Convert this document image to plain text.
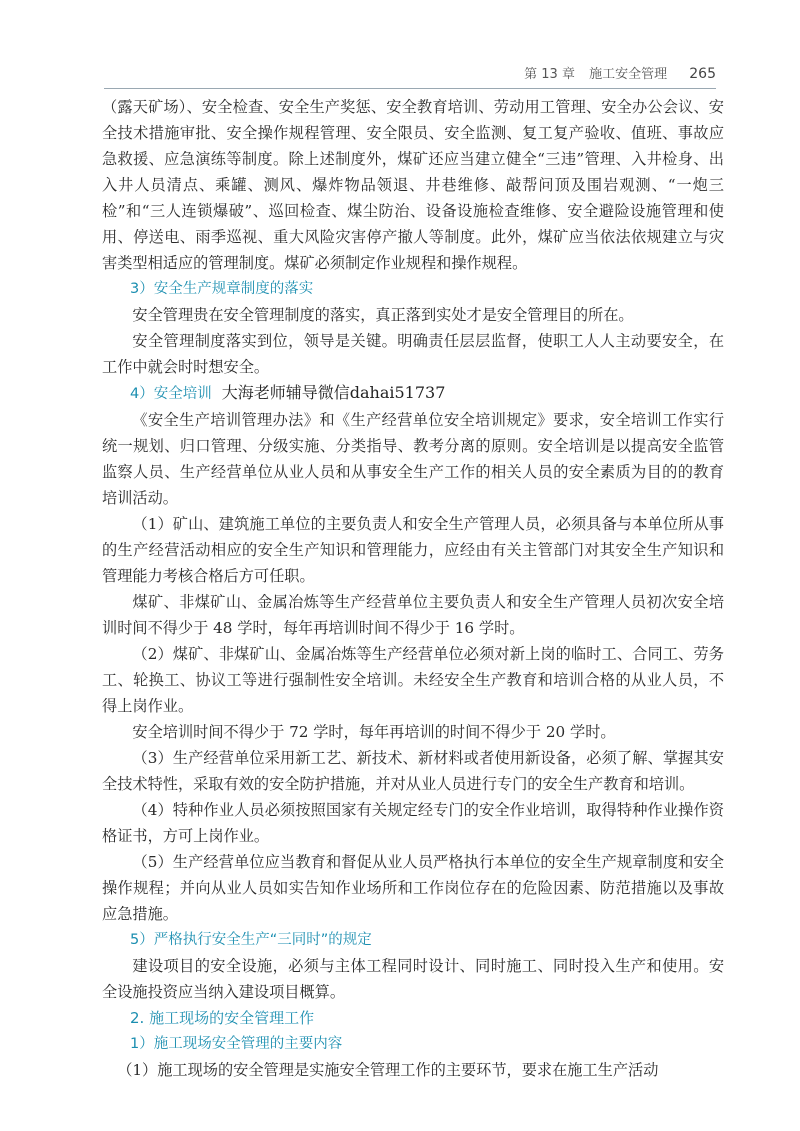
第 13 章 施工安全管理 265

（露天矿场）、安全检查、安全生产奖惩、安全教育培训、劳动用工管理、安全办公会议、安全技术措施审批、安全操作规程管理、安全限员、安全监测、复工复产验收、值班、事故应急救援、应急演练等制度。除上述制度外，煤矿还应当建立健全“三违”管理、入井检身、出入井人员清点、乘罐、测风、爆炸物品领退、井巷维修、敲帮问顶及围岩观测、“一炮三检”和“三人连锁爆破”、巡回检查、煤尘防治、设备设施检查维修、安全避险设施管理和使用、停送电、雨季巡视、重大风险灾害停产撤人等制度。此外，煤矿应当依法依规建立与灾害类型相适应的管理制度。煤矿必须制定作业规程和操作规程。

3）安全生产规章制度的落实

安全管理贵在安全管理制度的落实，真正落到实处才是安全管理目的所在。

安全管理制度落实到位，领导是关键。明确责任层层监督，使职工人人主动要安全，在工作中就会时时想安全。

4）安全培训 大海老师辅导微信dahai51737

《安全生产培训管理办法》和《生产经营单位安全培训规定》要求，安全培训工作实行统一规划、归口管理、分级实施、分类指导、教考分离的原则。安全培训是以提高安全监管监察人员、生产经营单位从业人员和从事安全生产工作的相关人员的安全素质为目的的教育培训活动。

（1）矿山、建筑施工单位的主要负责人和安全生产管理人员，必须具备与本单位所从事的生产经营活动相应的安全生产知识和管理能力，应经由有关主管部门对其安全生产知识和管理能力考核合格后方可任职。

煤矿、非煤矿山、金属冶炼等生产经营单位主要负责人和安全生产管理人员初次安全培训时间不得少于 48 学时，每年再培训时间不得少于 16 学时。

（2）煤矿、非煤矿山、金属冶炼等生产经营单位必须对新上岗的临时工、合同工、劳务工、轮换工、协议工等进行强制性安全培训。未经安全生产教育和培训合格的从业人员，不得上岗作业。

安全培训时间不得少于 72 学时，每年再培训的时间不得少于 20 学时。

（3）生产经营单位采用新工艺、新技术、新材料或者使用新设备，必须了解、掌握其安全技术特性，采取有效的安全防护措施，并对从业人员进行专门的安全生产教育和培训。

（4）特种作业人员必须按照国家有关规定经专门的安全作业培训，取得特种作业操作资格证书，方可上岗作业。

（5）生产经营单位应当教育和督促从业人员严格执行本单位的安全生产规章制度和安全操作规程；并向从业人员如实告知作业场所和工作岗位存在的危险因素、防范措施以及事故应急措施。

5）严格执行安全生产“三同时”的规定

建设项目的安全设施，必须与主体工程同时设计、同时施工、同时投入生产和使用。安全设施投资应当纳入建设项目概算。

2. 施工现场的安全管理工作
1）施工现场安全管理的主要内容

（1）施工现场的安全管理是实施安全管理工作的主要环节，要求在施工生产活动
